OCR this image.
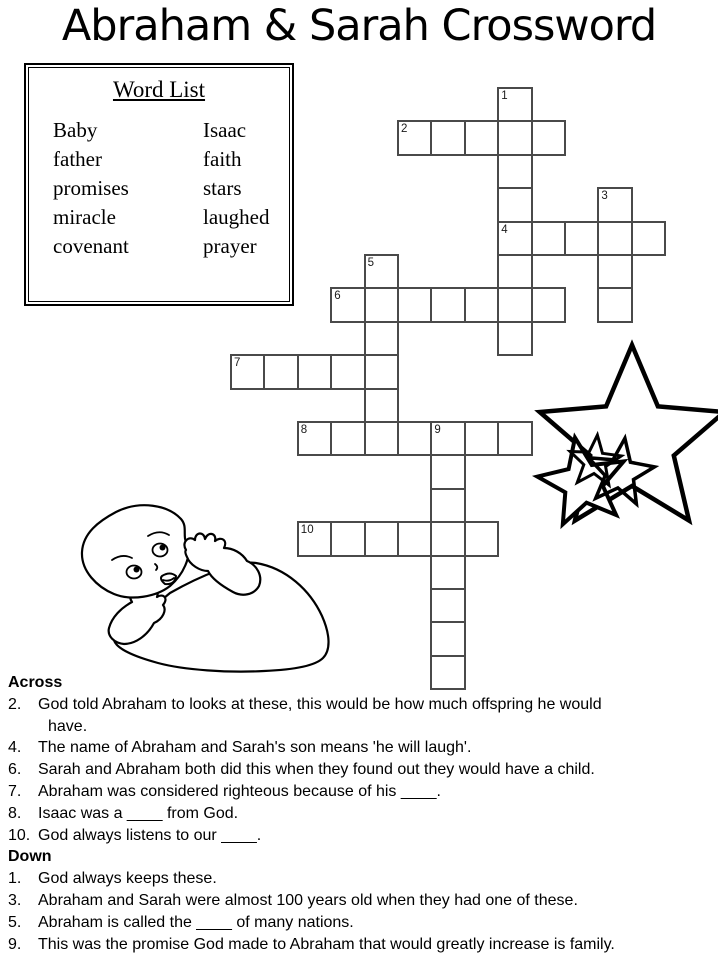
Abraham & Sarah Crossword
Word List
Baby
father
promises
miracle
covenant
Isaac
faith
stars
laughed
prayer
1
2
3
4
5
6
7
8	9
10
Across
2.	God told Abraham to looks at these, this would be how much offspring he would
have.
4.	The name of Abraham and Sarah's son means 'he will laugh'.
6.	Sarah and Abraham both did this when they found out they would have a child.
7.	Abraham was considered righteous because of his ____.
8.	Isaac was a ____ from God.
10. God always listens to our ____.
Down
1.	God always keeps these.
3.	Abraham and Sarah were almost 100 years old when they had one of these.
5.	Abraham is called the ____ of many nations.
9.	This was the promise God made to Abraham that would greatly increase is family.
